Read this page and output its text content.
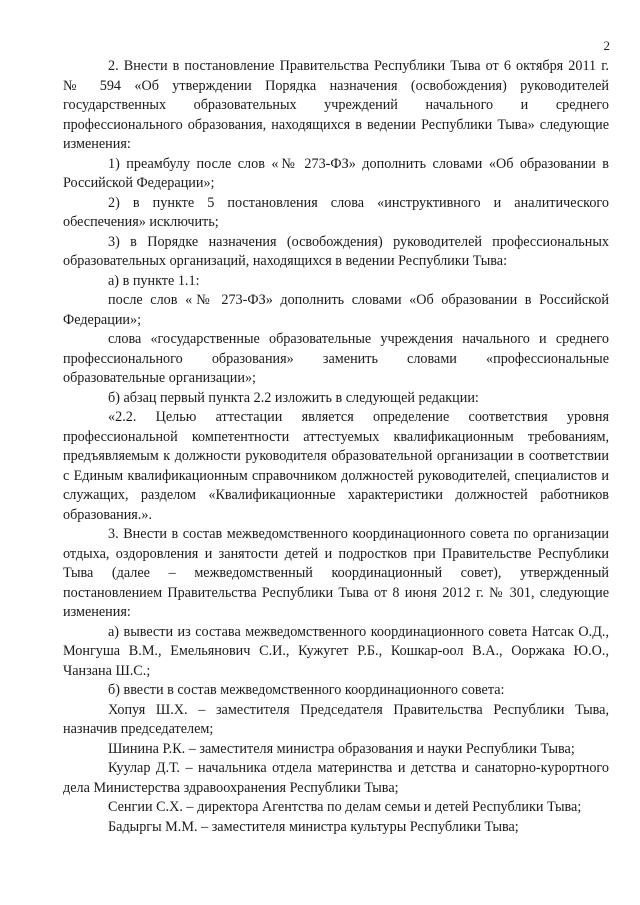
2

2. Внести в постановление Правительства Республики Тыва от 6 октября 2011 г. № 594 «Об утверждении Порядка назначения (освобождения) руководителей государственных образовательных учреждений начального и среднего профессионального образования, находящихся в ведении Республики Тыва» следующие изменения:

1) преамбулу после слов «№ 273-ФЗ» дополнить словами «Об образовании в Российской Федерации»;

2) в пункте 5 постановления слова «инструктивного и аналитического обеспечения» исключить;

3) в Порядке назначения (освобождения) руководителей профессиональных образовательных организаций, находящихся в ведении Республики Тыва:

а) в пункте 1.1:

после слов «№ 273-ФЗ» дополнить словами «Об образовании в Российской Федерации»;

слова «государственные образовательные учреждения начального и среднего профессионального образования» заменить словами «профессиональные образовательные организации»;

б) абзац первый пункта 2.2 изложить в следующей редакции:

«2.2. Целью аттестации является определение соответствия уровня профессиональной компетентности аттестуемых квалификационным требованиям, предъявляемым к должности руководителя образовательной организации в соответствии с Единым квалификационным справочником должностей руководителей, специалистов и служащих, разделом «Квалификационные характеристики должностей работников образования.».

3. Внести в состав межведомственного координационного совета по организации отдыха, оздоровления и занятости детей и подростков при Правительстве Республики Тыва (далее – межведомственный координационный совет), утвержденный постановлением Правительства Республики Тыва от 8 июня 2012 г. № 301, следующие изменения:

а) вывести из состава межведомственного координационного совета Натсак О.Д., Монгуша В.М., Емельянович С.И., Кужугет Р.Б., Кошкар-оол В.А., Ооржака Ю.О., Чанзана Ш.С.;

б) ввести в состав межведомственного координационного совета:

Хопуя Ш.Х. – заместителя Председателя Правительства Республики Тыва, назначив председателем;

Шинина Р.К. – заместителя министра образования и науки Республики Тыва;

Куулар Д.Т. – начальника отдела материнства и детства и санаторно-курортного дела Министерства здравоохранения Республики Тыва;

Сенгии С.Х. – директора Агентства по делам семьи и детей Республики Тыва;

Бадыргы М.М. – заместителя министра культуры Республики Тыва;
